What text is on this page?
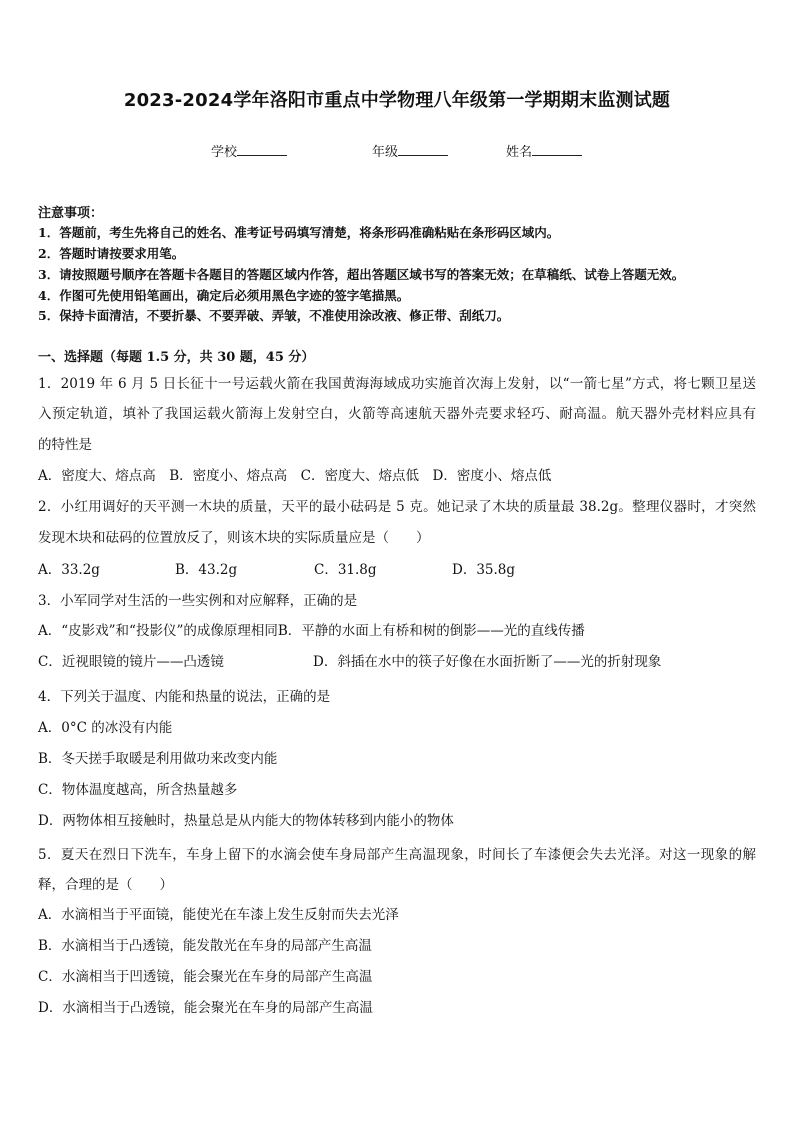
2023-2024学年洛阳市重点中学物理八年级第一学期期末监测试题
学校	年级	姓名
注意事项：
1．答题前，考生先将自己的姓名、准考证号码填写清楚，将条形码准确粘贴在条形码区域内。
2．答题时请按要求用笔。
3．请按照题号顺序在答题卡各题目的答题区域内作答，超出答题区域书写的答案无效；在草稿纸、试卷上答题无效。
4．作图可先使用铅笔画出，确定后必须用黑色字迹的签字笔描黑。
5．保持卡面清洁，不要折暴、不要弄破、弄皱，不准使用涂改液、修正带、刮纸刀。
一、选择题（每题 1.5 分，共 30 题，45 分）
1．2019 年 6 月 5 日长征十一号运载火箭在我国黄海海域成功实施首次海上发射，以“一箭七星”方式，将七颗卫星送
入预定轨道，填补了我国运载火箭海上发射空白，火箭等高速航天器外壳要求轻巧、耐高温。航天器外壳材料应具有
的特性是
A．密度大、熔点高　B．密度小、熔点高　C．密度大、熔点低　D．密度小、熔点低
2．小红用调好的天平测一木块的质量，天平的最小砝码是 5 克。她记录了木块的质量最 38.2g。整理仪器时，才突然
发现木块和砝码的位置放反了，则该木块的实际质量应是（　　）
A．33.2g	B．43.2g	C．31.8g	D．35.8g
3．小军同学对生活的一些实例和对应解释，正确的是
A．“皮影戏”和“投影仪”的成像原理相同B．平静的水面上有桥和树的倒影——光的直线传播
C．近视眼镜的镜片——凸透镜	D．斜插在水中的筷子好像在水面折断了——光的折射现象
4．下列关于温度、内能和热量的说法，正确的是
A．0°C 的冰没有内能
B．冬天搓手取暖是利用做功来改变内能
C．物体温度越高，所含热量越多
D．两物体相互接触时，热量总是从内能大的物体转移到内能小的物体
5．夏天在烈日下洗车，车身上留下的水滴会使车身局部产生高温现象，时间长了车漆便会失去光泽。对这一现象的解
释，合理的是（　　）
A．水滴相当于平面镜，能使光在车漆上发生反射而失去光泽
B．水滴相当于凸透镜，能发散光在车身的局部产生高温
C．水滴相当于凹透镜，能会聚光在车身的局部产生高温
D．水滴相当于凸透镜，能会聚光在车身的局部产生高温
